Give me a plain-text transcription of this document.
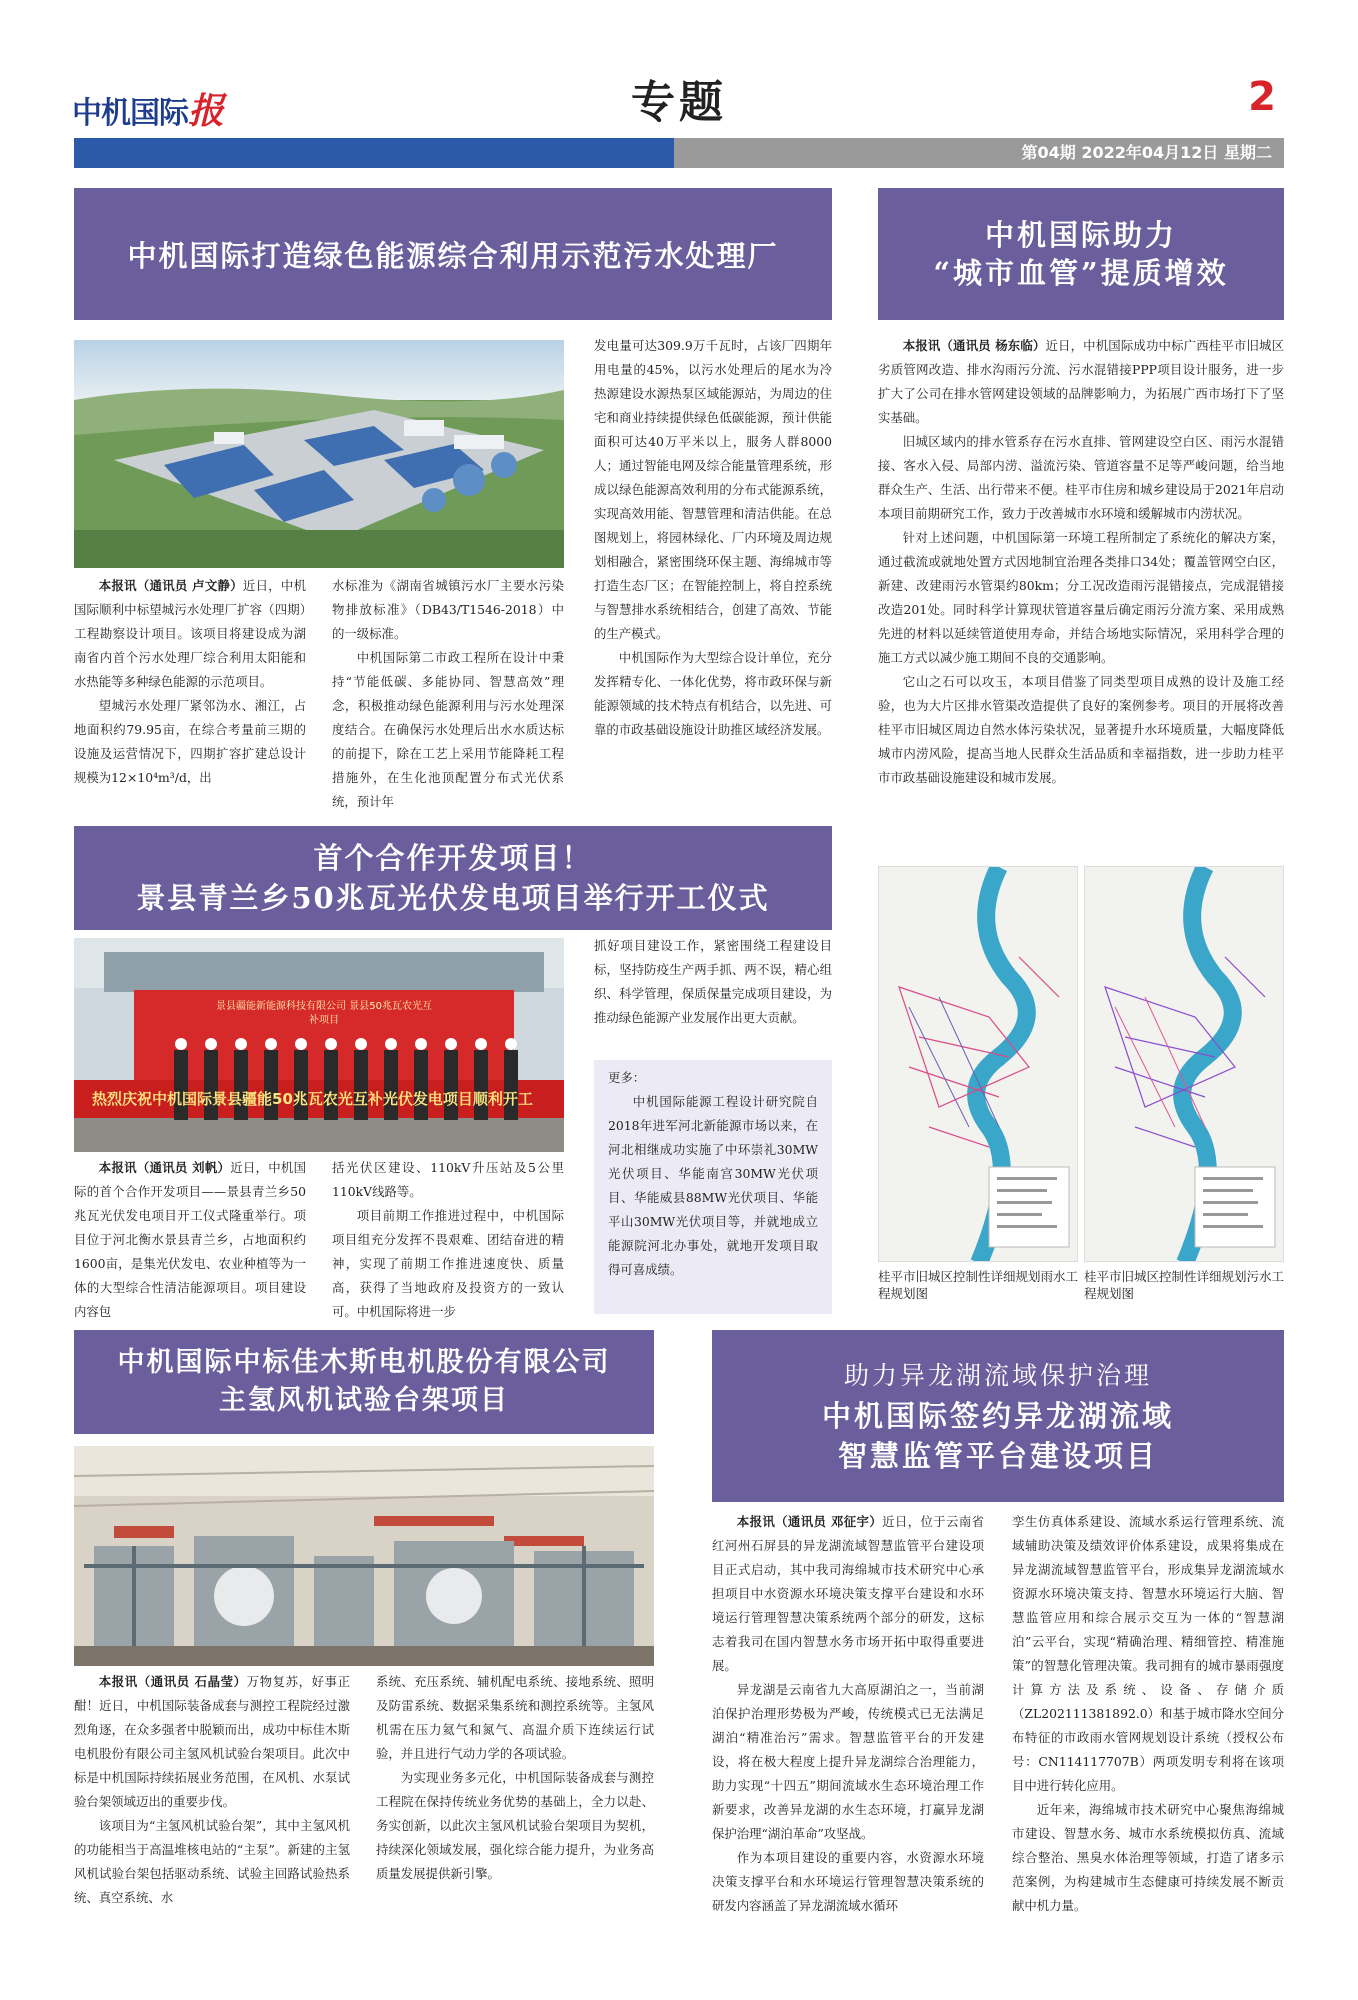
中机国际报	专题	2
第04期 2022年04月12日 星期二
中机国际打造绿色能源综合利用示范污水处理厂

本报讯（通讯员 卢文静）近日，中机国际顺利中标望城污水处理厂扩容（四期）工程勘察设计项目。该项目将建设成为湖南省内首个污水处理厂综合利用太阳能和水热能等多种绿色能源的示范项目。

望城污水处理厂紧邻沩水、湘江，占地面积约79.95亩，在综合考量前三期的设施及运营情况下，四期扩容扩建总设计规模为12×10⁴m³/d，出

水标准为《湖南省城镇污水厂主要水污染物排放标准》（DB43/T1546-2018）中的一级标准。

中机国际第二市政工程所在设计中秉持“节能低碳、多能协同、智慧高效”理念，积极推动绿色能源利用与污水处理深度结合。在确保污水处理后出水水质达标的前提下，除在工艺上采用节能降耗工程措施外，在生化池顶配置分布式光伏系统，预计年

发电量可达309.9万千瓦时，占该厂四期年用电量的45%，以污水处理后的尾水为冷热源建设水源热泵区域能源站，为周边的住宅和商业持续提供绿色低碳能源，预计供能面积可达40万平米以上，服务人群8000人；通过智能电网及综合能量管理系统，形成以绿色能源高效利用的分布式能源系统，实现高效用能、智慧管理和清洁供能。在总图规划上，将园林绿化、厂内环境及周边规划相融合，紧密围绕环保主题、海绵城市等打造生态厂区；在智能控制上，将自控系统与智慧排水系统相结合，创建了高效、节能的生产模式。

中机国际作为大型综合设计单位，充分发挥精专化、一体化优势，将市政环保与新能源领域的技术特点有机结合，以先进、可靠的市政基础设施设计助推区域经济发展。

中机国际助力
“城市血管”提质增效

本报讯（通讯员 杨东临）近日，中机国际成功中标广西桂平市旧城区劣质管网改造、排水沟雨污分流、污水混错接PPP项目设计服务，进一步扩大了公司在排水管网建设领域的品牌影响力，为拓展广西市场打下了坚实基础。

旧城区域内的排水管系存在污水直排、管网建设空白区、雨污水混错接、客水入侵、局部内涝、溢流污染、管道容量不足等严峻问题，给当地群众生产、生活、出行带来不便。桂平市住房和城乡建设局于2021年启动本项目前期研究工作，致力于改善城市水环境和缓解城市内涝状况。

针对上述问题，中机国际第一环境工程所制定了系统化的解决方案，通过截流或就地处置方式因地制宜治理各类排口34处；覆盖管网空白区，新建、改建雨污水管渠约80km；分工况改造雨污混错接点，完成混错接改造201处。同时科学计算现状管道容量后确定雨污分流方案、采用成熟先进的材料以延续管道使用寿命，并结合场地实际情况，采用科学合理的施工方式以减少施工期间不良的交通影响。

它山之石可以攻玉，本项目借鉴了同类型项目成熟的设计及施工经验，也为大片区排水管渠改造提供了良好的案例参考。项目的开展将改善桂平市旧城区周边自然水体污染状况，显著提升水环境质量，大幅度降低城市内涝风险，提高当地人民群众生活品质和幸福指数，进一步助力桂平市市政基础设施建设和城市发展。

桂平市旧城区控制性详细规划雨水工程规划图
桂平市旧城区控制性详细规划污水工程规划图
首个合作开发项目！
景县青兰乡50兆瓦光伏发电项目举行开工仪式
景县疆能新能源科技有限公司 景县50兆瓦农光互补项目
热烈庆祝中机国际景县疆能50兆瓦农光互补光伏发电项目顺利开工

本报讯（通讯员 刘帆）近日，中机国际的首个合作开发项目——景县青兰乡50兆瓦光伏发电项目开工仪式隆重举行。项目位于河北衡水景县青兰乡，占地面积约1600亩，是集光伏发电、农业种植等为一体的大型综合性清洁能源项目。项目建设内容包

括光伏区建设、110kV升压站及5公里110kV线路等。

项目前期工作推进过程中，中机国际项目组充分发挥不畏艰难、团结奋进的精神，实现了前期工作推进速度快、质量高，获得了当地政府及投资方的一致认可。中机国际将进一步

抓好项目建设工作，紧密围绕工程建设目标，坚持防疫生产两手抓、两不误，精心组织、科学管理，保质保量完成项目建设，为推动绿色能源产业发展作出更大贡献。

更多：

中机国际能源工程设计研究院自2018年进军河北新能源市场以来，在河北相继成功实施了中环崇礼30MW光伏项目、华能南宫30MW光伏项目、华能威县88MW光伏项目、华能平山30MW光伏项目等，并就地成立能源院河北办事处，就地开发项目取得可喜成绩。

中机国际中标佳木斯电机股份有限公司
主氢风机试验台架项目

本报讯（通讯员 石晶莹）万物复苏，好事正酣！近日，中机国际装备成套与测控工程院经过激烈角逐，在众多强者中脱颖而出，成功中标佳木斯电机股份有限公司主氢风机试验台架项目。此次中标是中机国际持续拓展业务范围，在风机、水泵试验台架领域迈出的重要步伐。

该项目为“主氢风机试验台架”，其中主氢风机的功能相当于高温堆核电站的“主泵”。新建的主氢风机试验台架包括驱动系统、试验主回路试验热系统、真空系统、水

系统、充压系统、辅机配电系统、接地系统、照明及防雷系统、数据采集系统和测控系统等。主氢风机需在压力氦气和氮气、高温介质下连续运行试验，并且进行气动力学的各项试验。

为实现业务多元化，中机国际装备成套与测控工程院在保持传统业务优势的基础上，全力以赴、务实创新，以此次主氢风机试验台架项目为契机，持续深化领域发展，强化综合能力提升，为业务高质量发展提供新引擎。

助力异龙湖流域保护治理
中机国际签约异龙湖流域
智慧监管平台建设项目

本报讯（通讯员 邓征宇）近日，位于云南省红河州石屏县的异龙湖流域智慧监管平台建设项目正式启动，其中我司海绵城市技术研究中心承担项目中水资源水环境决策支撑平台建设和水环境运行管理智慧决策系统两个部分的研发，这标志着我司在国内智慧水务市场开拓中取得重要进展。

异龙湖是云南省九大高原湖泊之一，当前湖泊保护治理形势极为严峻，传统模式已无法满足湖泊“精准治污”需求。智慧监管平台的开发建设，将在极大程度上提升异龙湖综合治理能力，助力实现“十四五”期间流域水生态环境治理工作新要求，改善异龙湖的水生态环境，打赢异龙湖保护治理“湖泊革命”攻坚战。

作为本项目建设的重要内容，水资源水环境决策支撑平台和水环境运行管理智慧决策系统的研发内容涵盖了异龙湖流域水循环

孪生仿真体系建设、流域水系运行管理系统、流域辅助决策及绩效评价体系建设，成果将集成在异龙湖流域智慧监管平台，形成集异龙湖流域水资源水环境决策支持、智慧水环境运行大脑、智慧监管应用和综合展示交互为一体的“智慧湖泊”云平台，实现“精确治理、精细管控、精准施策”的智慧化管理决策。我司拥有的城市暴雨强度计算方法及系统、设备、存储介质（ZL202111381892.0）和基于城市降水空间分布特征的市政雨水管网规划设计系统（授权公布号：CN114117707B）两项发明专利将在该项目中进行转化应用。

近年来，海绵城市技术研究中心聚焦海绵城市建设、智慧水务、城市水系统模拟仿真、流域综合整治、黑臭水体治理等领域，打造了诸多示范案例，为构建城市生态健康可持续发展不断贡献中机力量。
